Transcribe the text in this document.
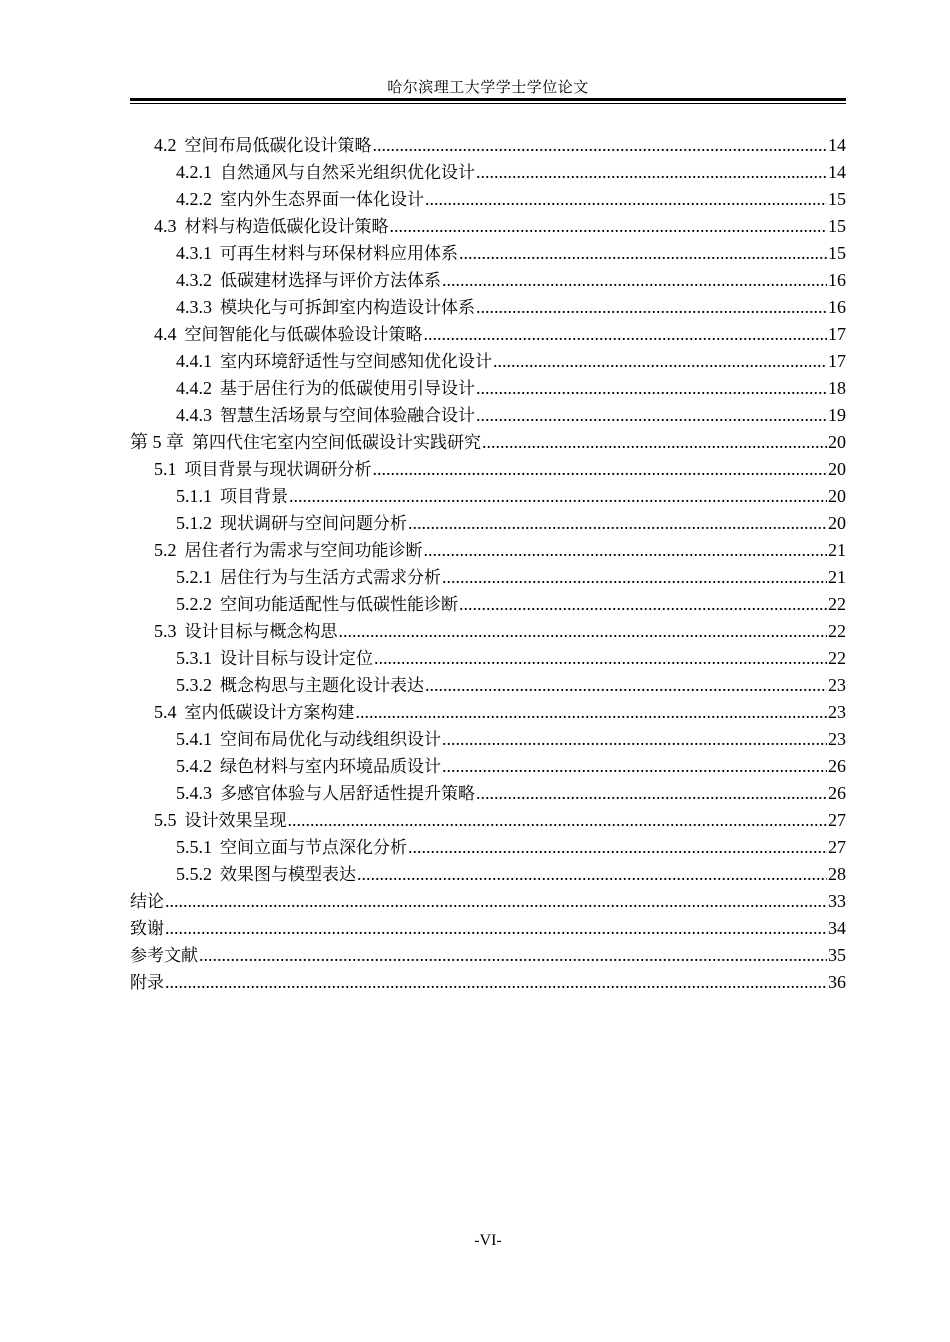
哈尔滨理工大学学士学位论文
4.2 空间布局低碳化设计策略 .....	14
4.2.1 自然通风与自然采光组织优化设计 .....	14
4.2.2 室内外生态界面一体化设计 .....	15
4.3 材料与构造低碳化设计策略 .....	15
4.3.1 可再生材料与环保材料应用体系 .....	15
4.3.2 低碳建材选择与评价方法体系 .....	16
4.3.3 模块化与可拆卸室内构造设计体系 .....	16
4.4 空间智能化与低碳体验设计策略 .....	17
4.4.1 室内环境舒适性与空间感知优化设计 .....	17
4.4.2 基于居住行为的低碳使用引导设计 .....	18
4.4.3 智慧生活场景与空间体验融合设计 .....	19
第 5 章 第四代住宅室内空间低碳设计实践研究 .....	20
5.1 项目背景与现状调研分析 .....	20
5.1.1 项目背景 .....	20
5.1.2 现状调研与空间问题分析 .....	20
5.2 居住者行为需求与空间功能诊断 .....	21
5.2.1 居住行为与生活方式需求分析 .....	21
5.2.2 空间功能适配性与低碳性能诊断 .....	22
5.3 设计目标与概念构思 .....	22
5.3.1 设计目标与设计定位 .....	22
5.3.2 概念构思与主题化设计表达 .....	23
5.4 室内低碳设计方案构建 .....	23
5.4.1 空间布局优化与动线组织设计 .....	23
5.4.2 绿色材料与室内环境品质设计 .....	26
5.4.3 多感官体验与人居舒适性提升策略 .....	26
5.5 设计效果呈现 .....	27
5.5.1 空间立面与节点深化分析 .....	27
5.5.2 效果图与模型表达 .....	28
结论 .....	33
致谢 .....	34
参考文献 .....	35
附录 .....	36
-VI-
